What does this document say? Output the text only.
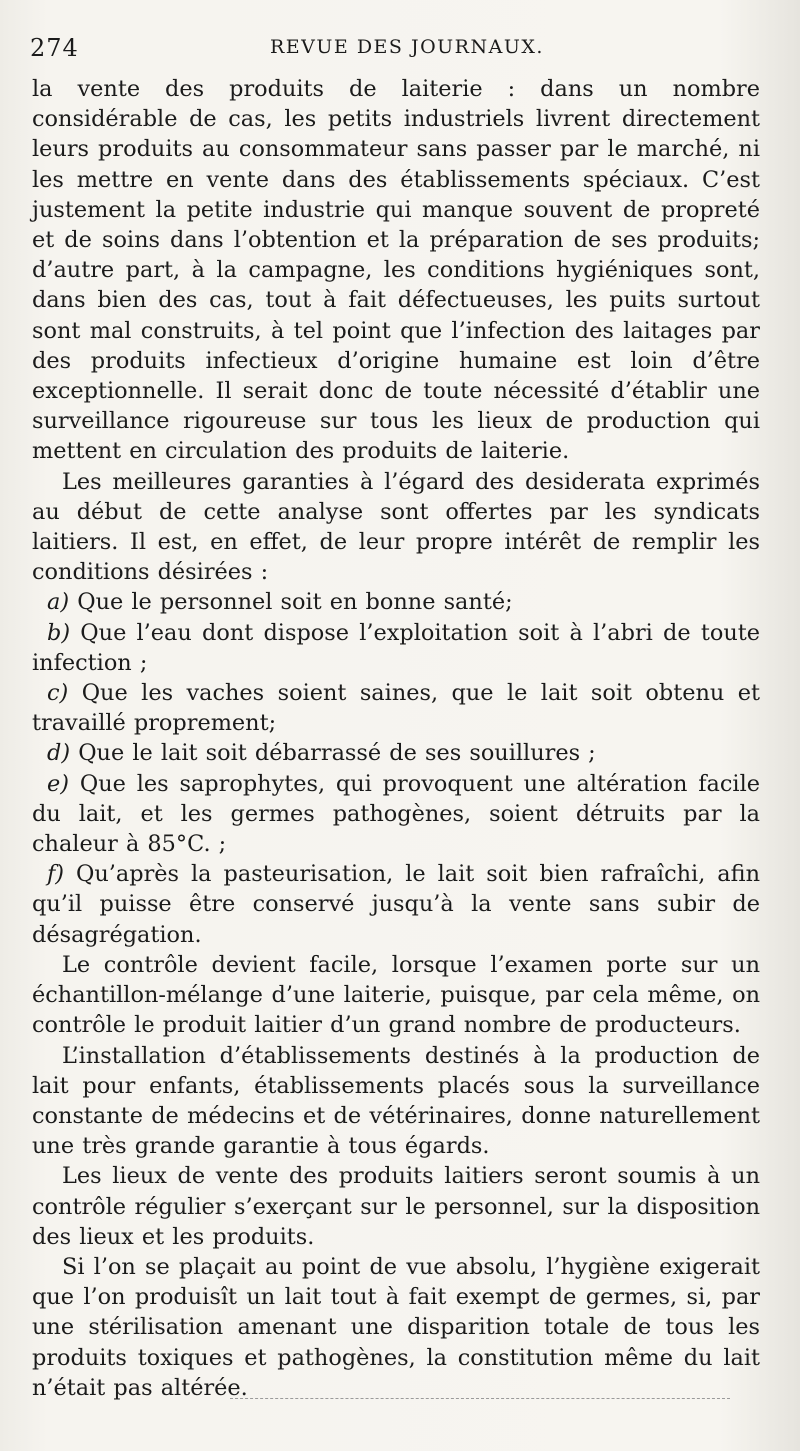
274	REVUE DES JOURNAUX.

la vente des produits de laiterie : dans un nombre considérable de cas, les petits industriels livrent directement leurs produits au consommateur sans passer par le marché, ni les mettre en vente dans des établissements spéciaux. C’est justement la petite industrie qui manque souvent de propreté et de soins dans l’obtention et la préparation de ses produits; d’autre part, à la campagne, les conditions hygiéniques sont, dans bien des cas, tout à fait défectueuses, les puits surtout sont mal construits, à tel point que l’infection des laitages par des produits infectieux d’origine humaine est loin d’être exceptionnelle. Il serait donc de toute nécessité d’établir une surveillance rigoureuse sur tous les lieux de production qui mettent en circulation des produits de laiterie.

Les meilleures garanties à l’égard des desiderata exprimés au début de cette analyse sont offertes par les syndicats laitiers. Il est, en effet, de leur propre intérêt de remplir les conditions désirées :

a) Que le personnel soit en bonne santé;

b) Que l’eau dont dispose l’exploitation soit à l’abri de toute infection ;

c) Que les vaches soient saines, que le lait soit obtenu et travaillé proprement;

d) Que le lait soit débarrassé de ses souillures ;

e) Que les saprophytes, qui provoquent une altération facile du lait, et les germes pathogènes, soient détruits par la chaleur à 85°C. ;

f) Qu’après la pasteurisation, le lait soit bien rafraîchi, afin qu’il puisse être conservé jusqu’à la vente sans subir de désagrégation.

Le contrôle devient facile, lorsque l’examen porte sur un échantillon-mélange d’une laiterie, puisque, par cela même, on contrôle le produit laitier d’un grand nombre de producteurs.

L’installation d’établissements destinés à la production de lait pour enfants, établissements placés sous la surveillance constante de médecins et de vétérinaires, donne naturellement une très grande garantie à tous égards.

Les lieux de vente des produits laitiers seront soumis à un contrôle régulier s’exerçant sur le personnel, sur la disposition des lieux et les produits.

Si l’on se plaçait au point de vue absolu, l’hygiène exigerait que l’on produisît un lait tout à fait exempt de germes, si, par une stérilisation amenant une disparition totale de tous les produits toxiques et pathogènes, la constitution même du lait n’était pas altérée.
